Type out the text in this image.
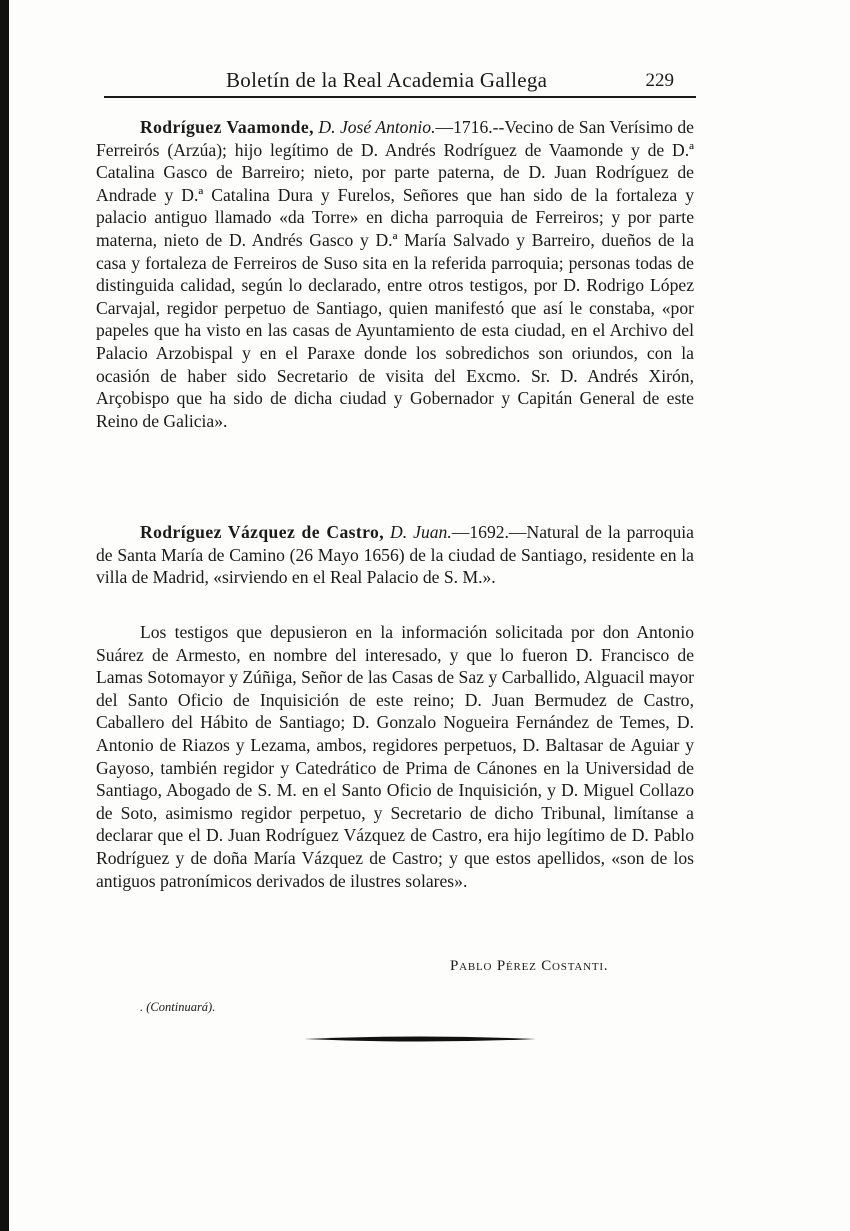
Boletín de la Real Academia Gallega	229

Rodríguez Vaamonde, D. José Antonio.—1716.--Vecino de San Verísimo de Ferreirós (Arzúa); hijo legítimo de D. Andrés Rodríguez de Vaamonde y de D.ª Catalina Gasco de Barreiro; nieto, por parte paterna, de D. Juan Rodríguez de Andrade y D.ª Catalina Dura y Furelos, Señores que han sido de la fortaleza y palacio antiguo llamado «da Torre» en dicha parroquia de Ferreiros; y por parte materna, nieto de D. Andrés Gasco y D.ª María Salvado y Barreiro, dueños de la casa y fortaleza de Ferreiros de Suso sita en la referida parroquia; personas todas de distinguida calidad, según lo declarado, entre otros testigos, por D. Rodrigo López Carvajal, regidor perpetuo de Santiago, quien manifestó que así le constaba, «por papeles que ha visto en las casas de Ayuntamiento de esta ciudad, en el Archivo del Palacio Arzobispal y en el Paraxe donde los sobredichos son oriundos, con la ocasión de haber sido Secretario de visita del Excmo. Sr. D. Andrés Xirón, Arçobispo que ha sido de dicha ciudad y Gobernador y Capitán General de este Reino de Galicia».

Rodríguez Vázquez de Castro, D. Juan.—1692.—Natural de la parroquia de Santa María de Camino (26 Mayo 1656) de la ciudad de Santiago, residente en la villa de Madrid, «sirviendo en el Real Palacio de S. M.».

Los testigos que depusieron en la información solicitada por don Antonio Suárez de Armesto, en nombre del interesado, y que lo fueron D. Francisco de Lamas Sotomayor y Zúñiga, Señor de las Casas de Saz y Carballido, Alguacil mayor del Santo Oficio de Inquisición de este reino; D. Juan Bermudez de Castro, Caballero del Hábito de Santiago; D. Gonzalo Nogueira Fernández de Temes, D. Antonio de Riazos y Lezama, ambos, regidores perpetuos, D. Baltasar de Aguiar y Gayoso, también regidor y Catedrático de Prima de Cánones en la Universidad de Santiago, Abogado de S. M. en el Santo Oficio de Inquisición, y D. Miguel Collazo de Soto, asimismo regidor perpetuo, y Secretario de dicho Tribunal, limítanse a declarar que el D. Juan Rodríguez Vázquez de Castro, era hijo legítimo de D. Pablo Rodríguez y de doña María Vázquez de Castro; y que estos apellidos, «son de los antiguos patronímicos derivados de ilustres solares».

Pablo Pérez Costanti.
. (Continuará).
